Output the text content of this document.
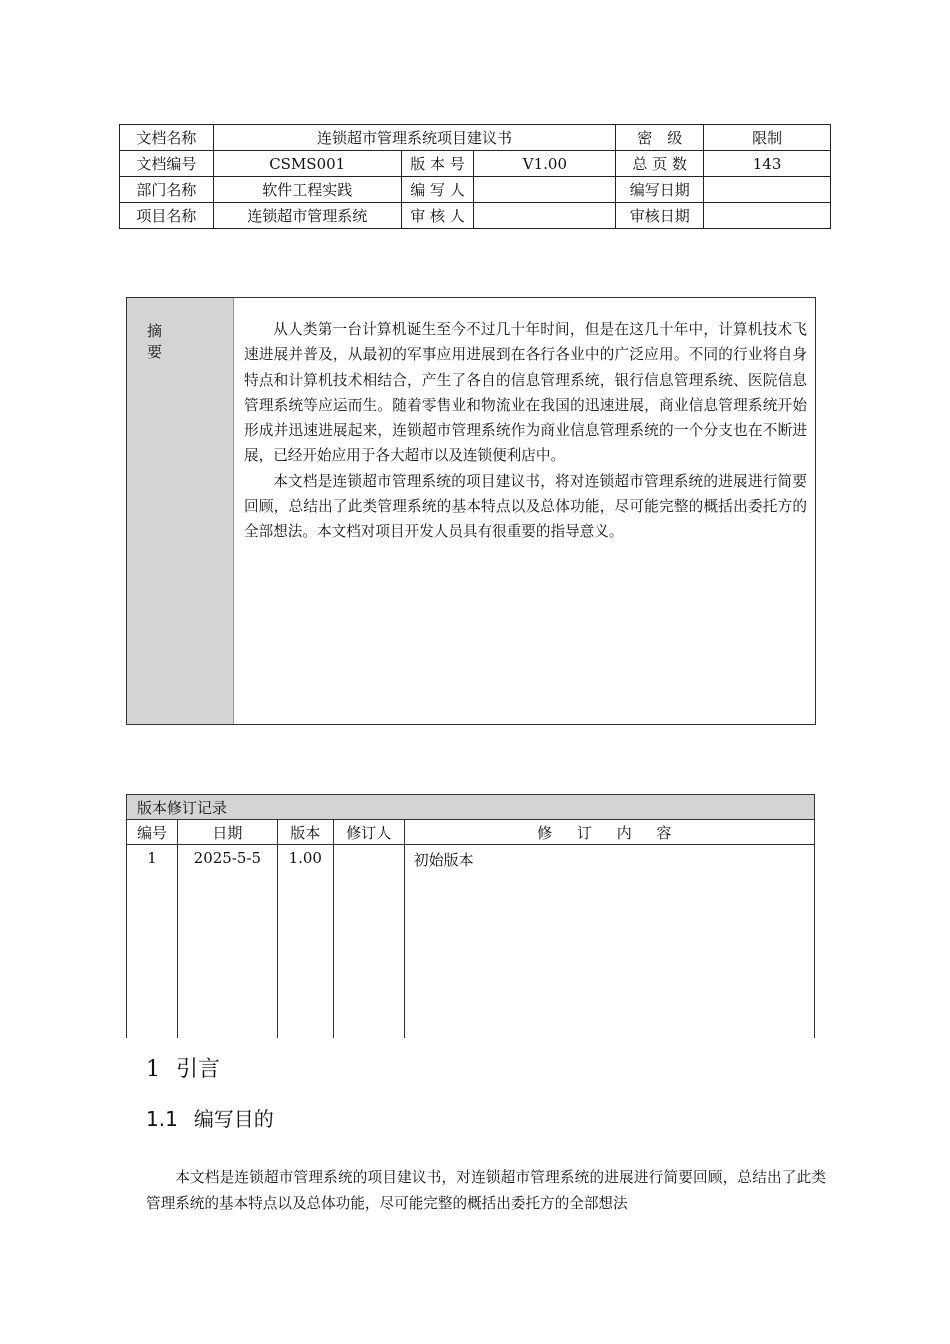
文档名称	连锁超市管理系统项目建议书			密　级	限制
文档编号	CSMS001	版 本 号	V1.00	总 页 数	143
部门名称	软件工程实践	编 写 人		编写日期	
项目名称	连锁超市管理系统	审 核 人		审核日期	
摘要

从人类第一台计算机诞生至今不过几十年时间，但是在这几十年中，计算机技术飞速进展并普及，从最初的军事应用进展到在各行各业中的广泛应用。不同的行业将自身特点和计算机技术相结合，产生了各自的信息管理系统，银行信息管理系统、医院信息管理系统等应运而生。随着零售业和物流业在我国的迅速进展，商业信息管理系统开始形成并迅速进展起来，连锁超市管理系统作为商业信息管理系统的一个分支也在不断进展，已经开始应用于各大超市以及连锁便利店中。

本文档是连锁超市管理系统的项目建议书，将对连锁超市管理系统的进展进行简要回顾，总结出了此类管理系统的基本特点以及总体功能，尽可能完整的概括出委托方的全部想法。本文档对项目开发人员具有很重要的指导意义。

版本修订记录				
编号	日期	版本	修订人	修 订 内 容
1	2025-5-5	1.00		初始版本
1 引言
1.1 编写目的

本文档是连锁超市管理系统的项目建议书，对连锁超市管理系统的进展进行简要回顾，总结出了此类管理系统的基本特点以及总体功能，尽可能完整的概括出委托方的全部想法
